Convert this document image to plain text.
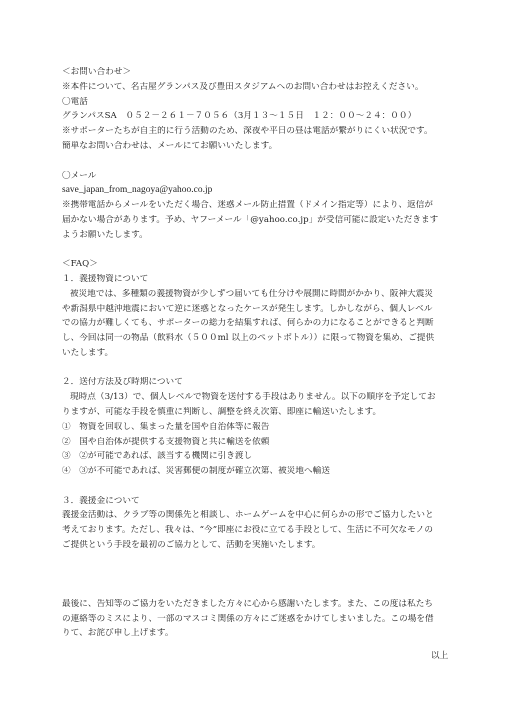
＜お問い合わせ＞
※本件について、名古屋グランパス及び豊田スタジアムへのお問い合わせはお控えください。
〇電話
グランパスSA　０５２－２６１－７０５６（3月１３〜１５日　１２：００〜２４：００）
※サポーターたちが自主的に行う活動のため、深夜や平日の昼は電話が繋がりにくい状況です。
簡単なお問い合わせは、メールにてお願いいたします。
〇メール
save_japan_from_nagoya@yahoo.co.jp
※携帯電話からメールをいただく場合、迷惑メール防止措置（ドメイン指定等）により、返信が
届かない場合があります。予め、ヤフーメール「@yahoo.co.jp」が受信可能に設定いただきます
ようお願いたします。
＜FAQ＞
１．義援物資について
被災地では、多種類の義援物資が少しずつ届いても仕分けや展開に時間がかかり、阪神大震災
や新潟県中越沖地震において逆に迷惑となったケースが発生します。しかしながら、個人レベル
での協力が難しくても、サポーターの総力を結集すれば、何らかの力になることができると判断
し、今回は同一の物品（飲料水（５００ml 以上のペットボトル））に限って物資を集め、ご提供
いたします。
２．送付方法及び時期について
現時点（3/13）で、個人レベルで物資を送付する手段はありません。以下の順序を予定してお
りますが、可能な手段を慎重に判断し、調整を終え次第、即座に輸送いたします。
①　物資を回収し、集まった量を国や自治体等に報告
②　国や自治体が提供する支援物資と共に輸送を依頼
③　②が可能であれば、該当する機関に引き渡し
④　③が不可能であれば、災害郵便の制度が確立次第、被災地へ輸送
３．義援金について
義援金活動は、クラブ等の関係先と相談し、ホームゲームを中心に何らかの形でご協力したいと
考えております。ただし、我々は、“今”即座にお役に立てる手段として、生活に不可欠なモノの
ご提供という手段を最初のご協力として、活動を実施いたします。
最後に、告知等のご協力をいただきました方々に心から感謝いたします。また、この度は私たち
の連絡等のミスにより、一部のマスコミ関係の方々にご迷惑をかけてしまいました。この場を借
りて、お詫び申し上げます。
以上
